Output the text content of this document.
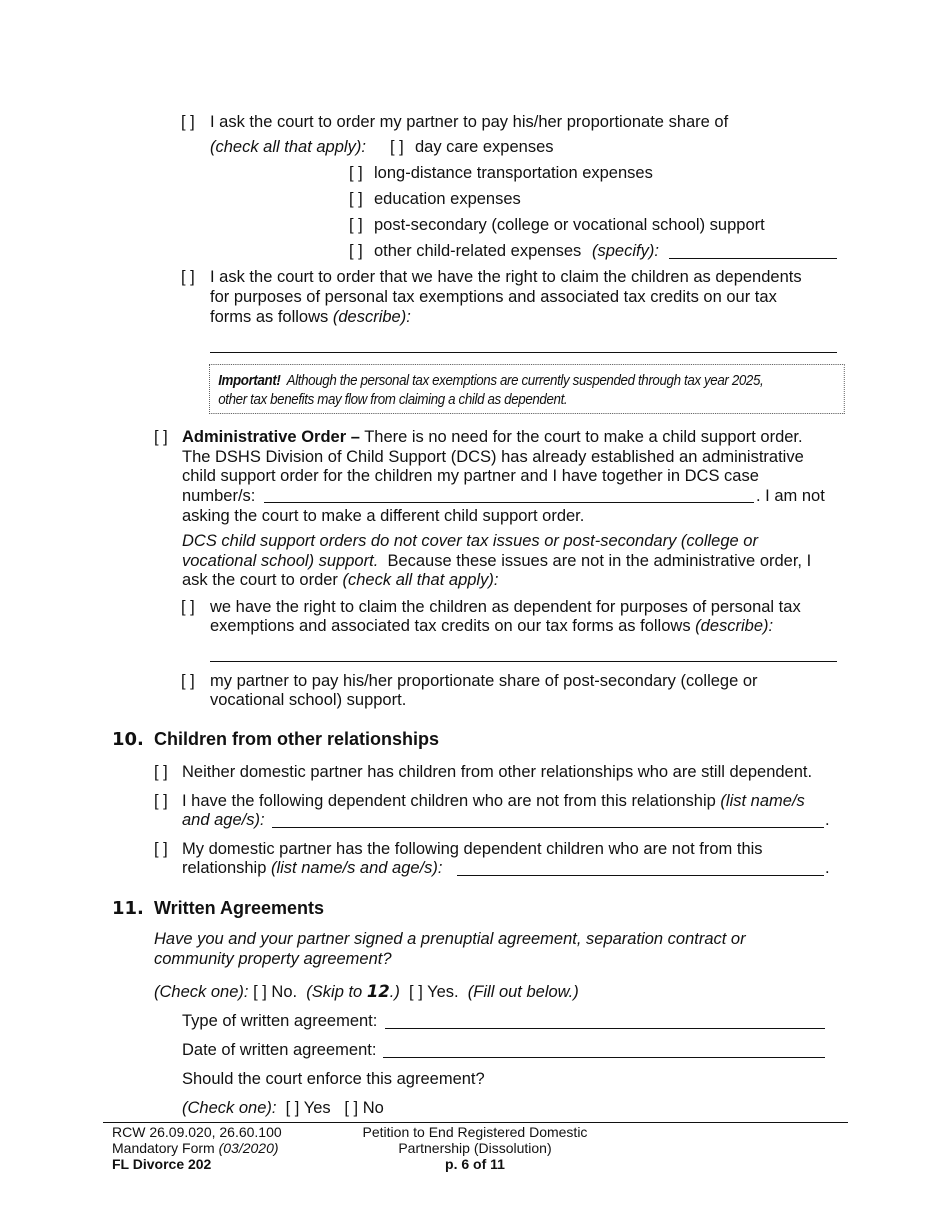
[ ] I ask the court to order my partner to pay his/her proportionate share of
(check all that apply): [ ] day care expenses
[ ] long-distance transportation expenses
[ ] education expenses
[ ] post-secondary (college or vocational school) support
[ ] other child-related expenses (specify):
[ ] I ask the court to order that we have the right to claim the children as dependents
for purposes of personal tax exemptions and associated tax credits on our tax
forms as follows (describe):
Important! Although the personal tax exemptions are currently suspended through tax year 2025,
other tax benefits may flow from claiming a child as dependent.
[ ] Administrative Order – There is no need for the court to make a child support order.
The DSHS Division of Child Support (DCS) has already established an administrative
child support order for the children my partner and I have together in DCS case
number/s:	. I am not
asking the court to make a different child support order.
DCS child support orders do not cover tax issues or post-secondary (college or
vocational school) support. Because these issues are not in the administrative order, I
ask the court to order (check all that apply):
[ ] we have the right to claim the children as dependent for purposes of personal tax
exemptions and associated tax credits on our tax forms as follows (describe):
[ ] my partner to pay his/her proportionate share of post-secondary (college or
vocational school) support.
10. Children from other relationships
[ ] Neither domestic partner has children from other relationships who are still dependent.
[ ] I have the following dependent children who are not from this relationship (list name/s
and age/s):	.
[ ] My domestic partner has the following dependent children who are not from this
relationship (list name/s and age/s):	.
11. Written Agreements
Have you and your partner signed a prenuptial agreement, separation contract or
community property agreement?
(Check one): [ ] No. (Skip to 12.) [ ] Yes. (Fill out below.)
Type of written agreement:
Date of written agreement:
Should the court enforce this agreement?
(Check one): [ ] Yes [ ] No
RCW 26.09.020, 26.60.100
Mandatory Form (03/2020)
FL Divorce 202
Petition to End Registered Domestic
Partnership (Dissolution)
p. 6 of 11
